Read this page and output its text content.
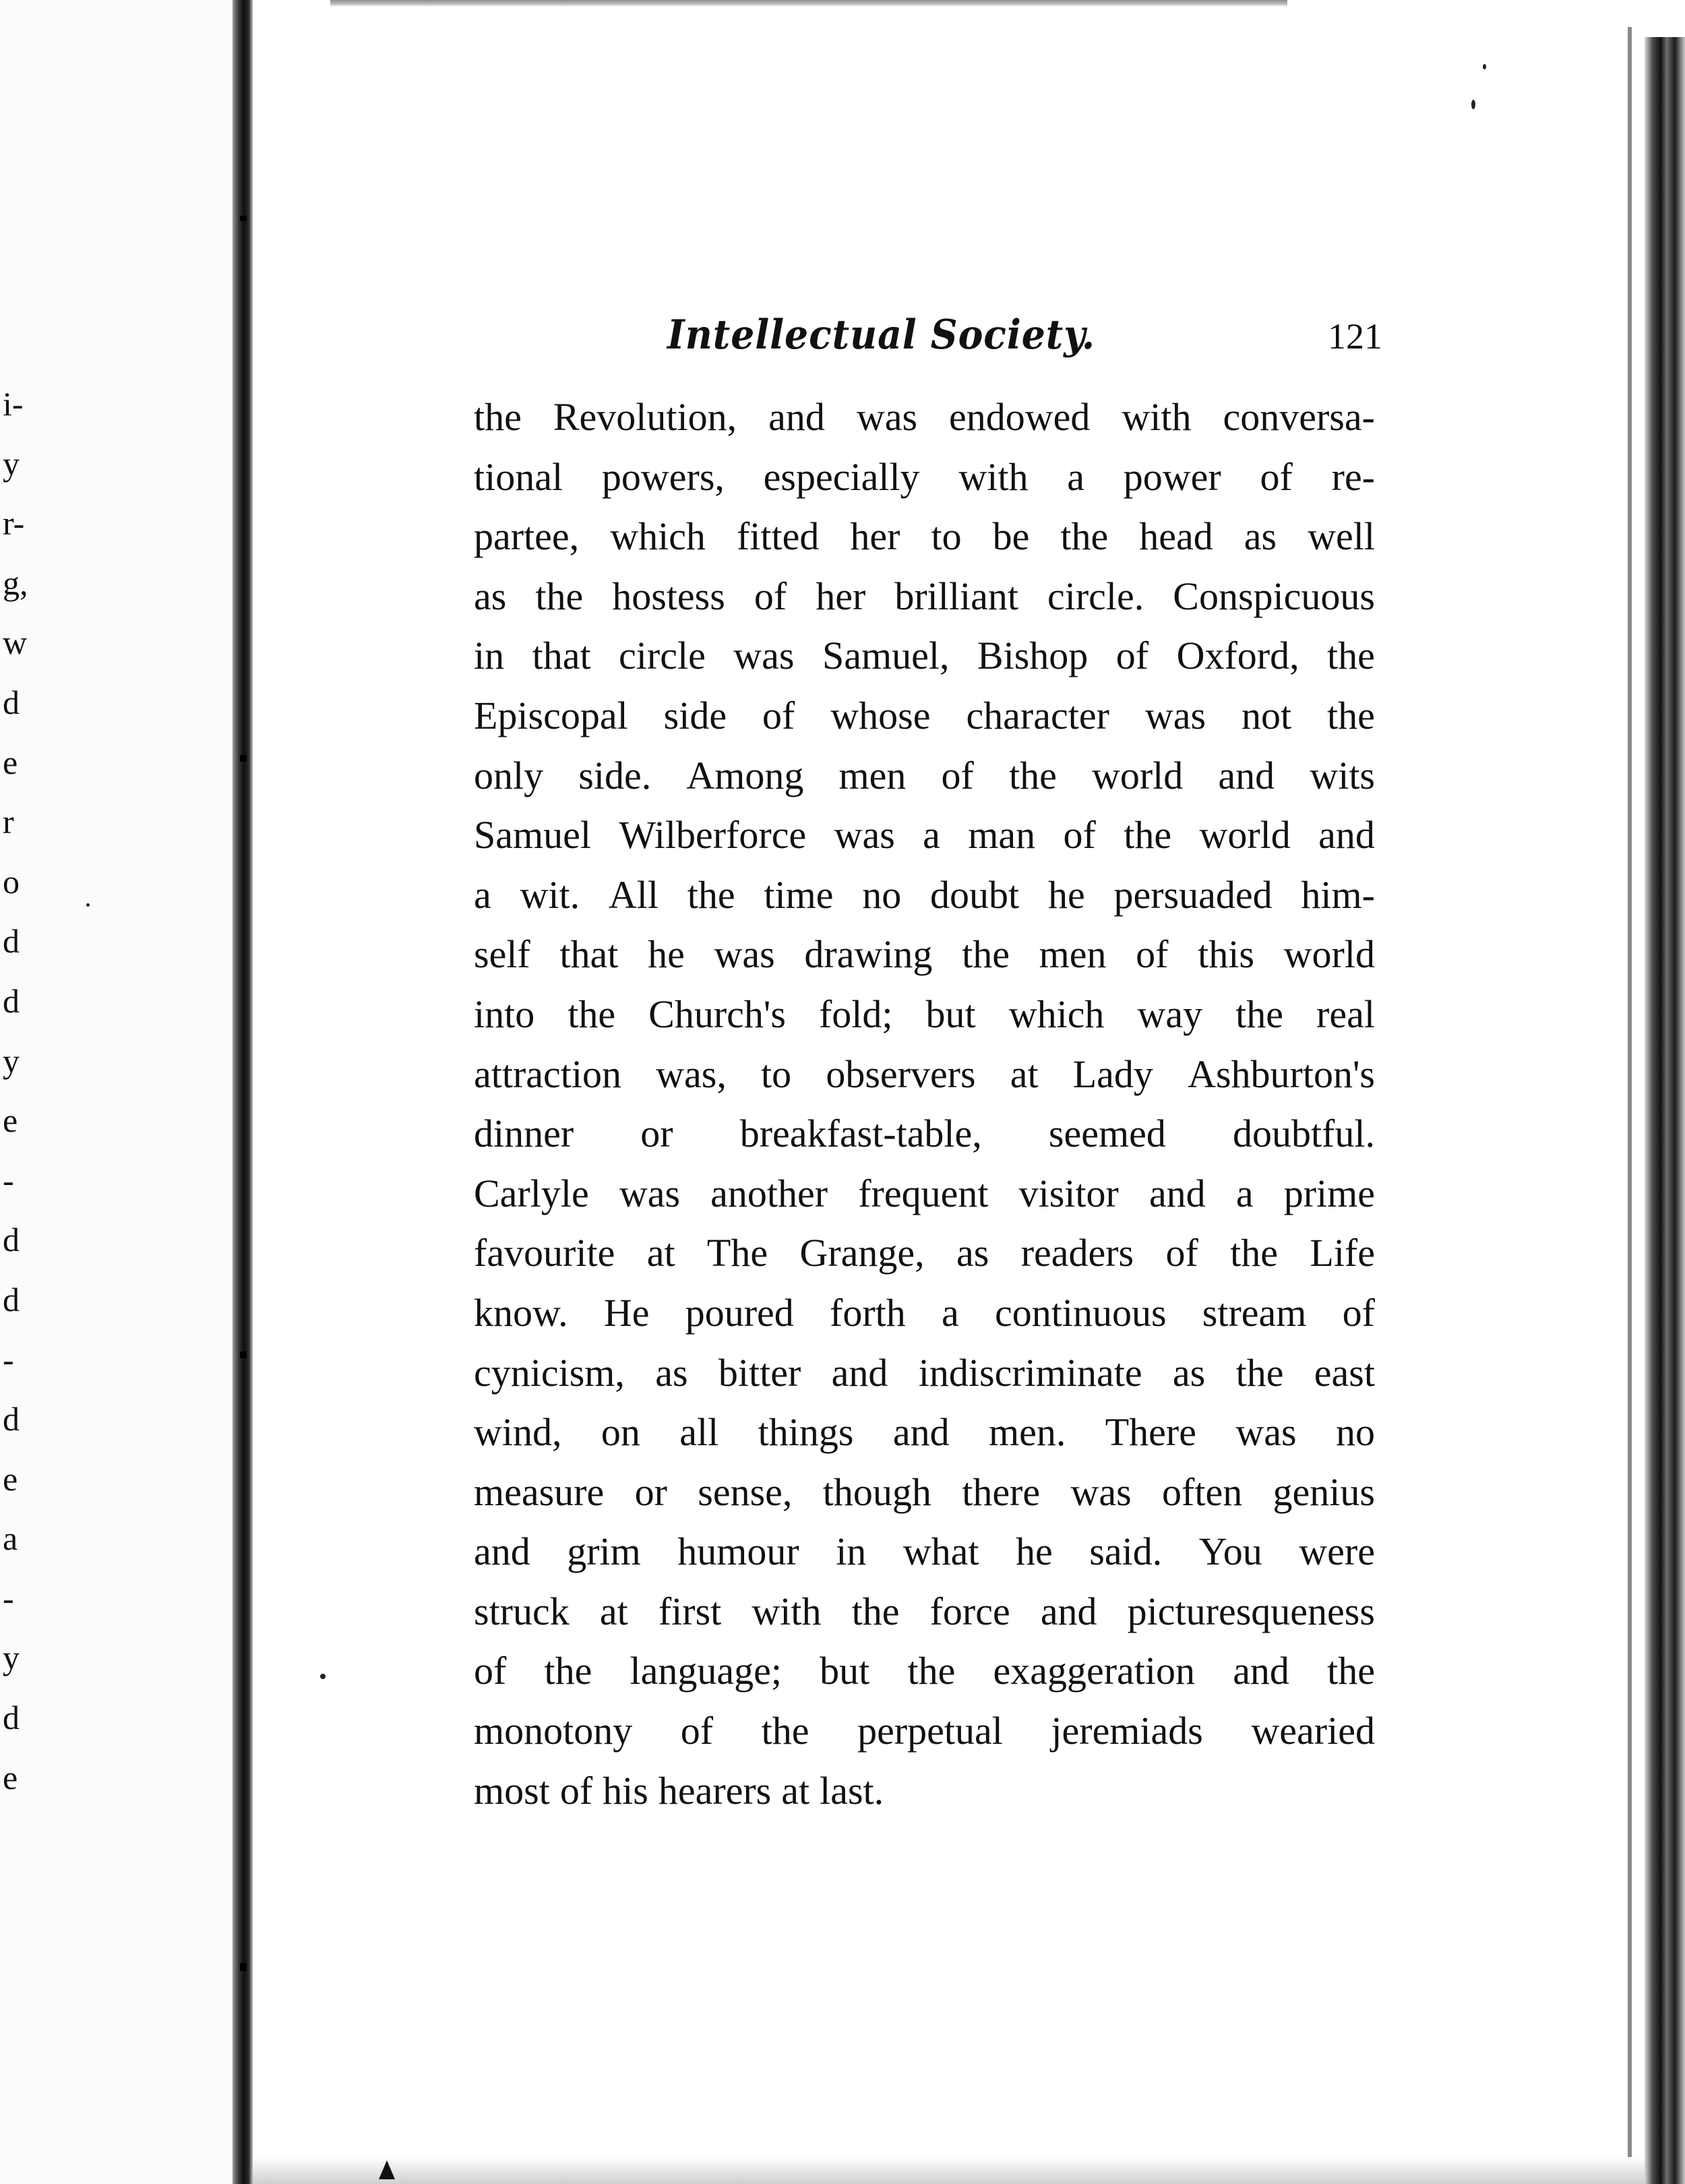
i-
y
r-
g,
w
d
e
r
o
d
d
y
e
-
d
d
-
d
e
a
-
y
d
e
Intellectual Society.	121
the Revolution, and was endowed with conversa-
tional powers, especially with a power of re-
partee, which fitted her to be the head as well
as the hostess of her brilliant circle. Conspicuous
in that circle was Samuel, Bishop of Oxford, the
Episcopal side of whose character was not the
only side. Among men of the world and wits
Samuel Wilberforce was a man of the world and
a wit. All the time no doubt he persuaded him-
self that he was drawing the men of this world
into the Church's fold; but which way the real
attraction was, to observers at Lady Ashburton's
dinner or breakfast-table, seemed doubtful.
Carlyle was another frequent visitor and a prime
favourite at The Grange, as readers of the Life
know. He poured forth a continuous stream of
cynicism, as bitter and indiscriminate as the east
wind, on all things and men. There was no
measure or sense, though there was often genius
and grim humour in what he said. You were
struck at first with the force and picturesqueness
of the language; but the exaggeration and the
monotony of the perpetual jeremiads wearied
most of his hearers at last.
